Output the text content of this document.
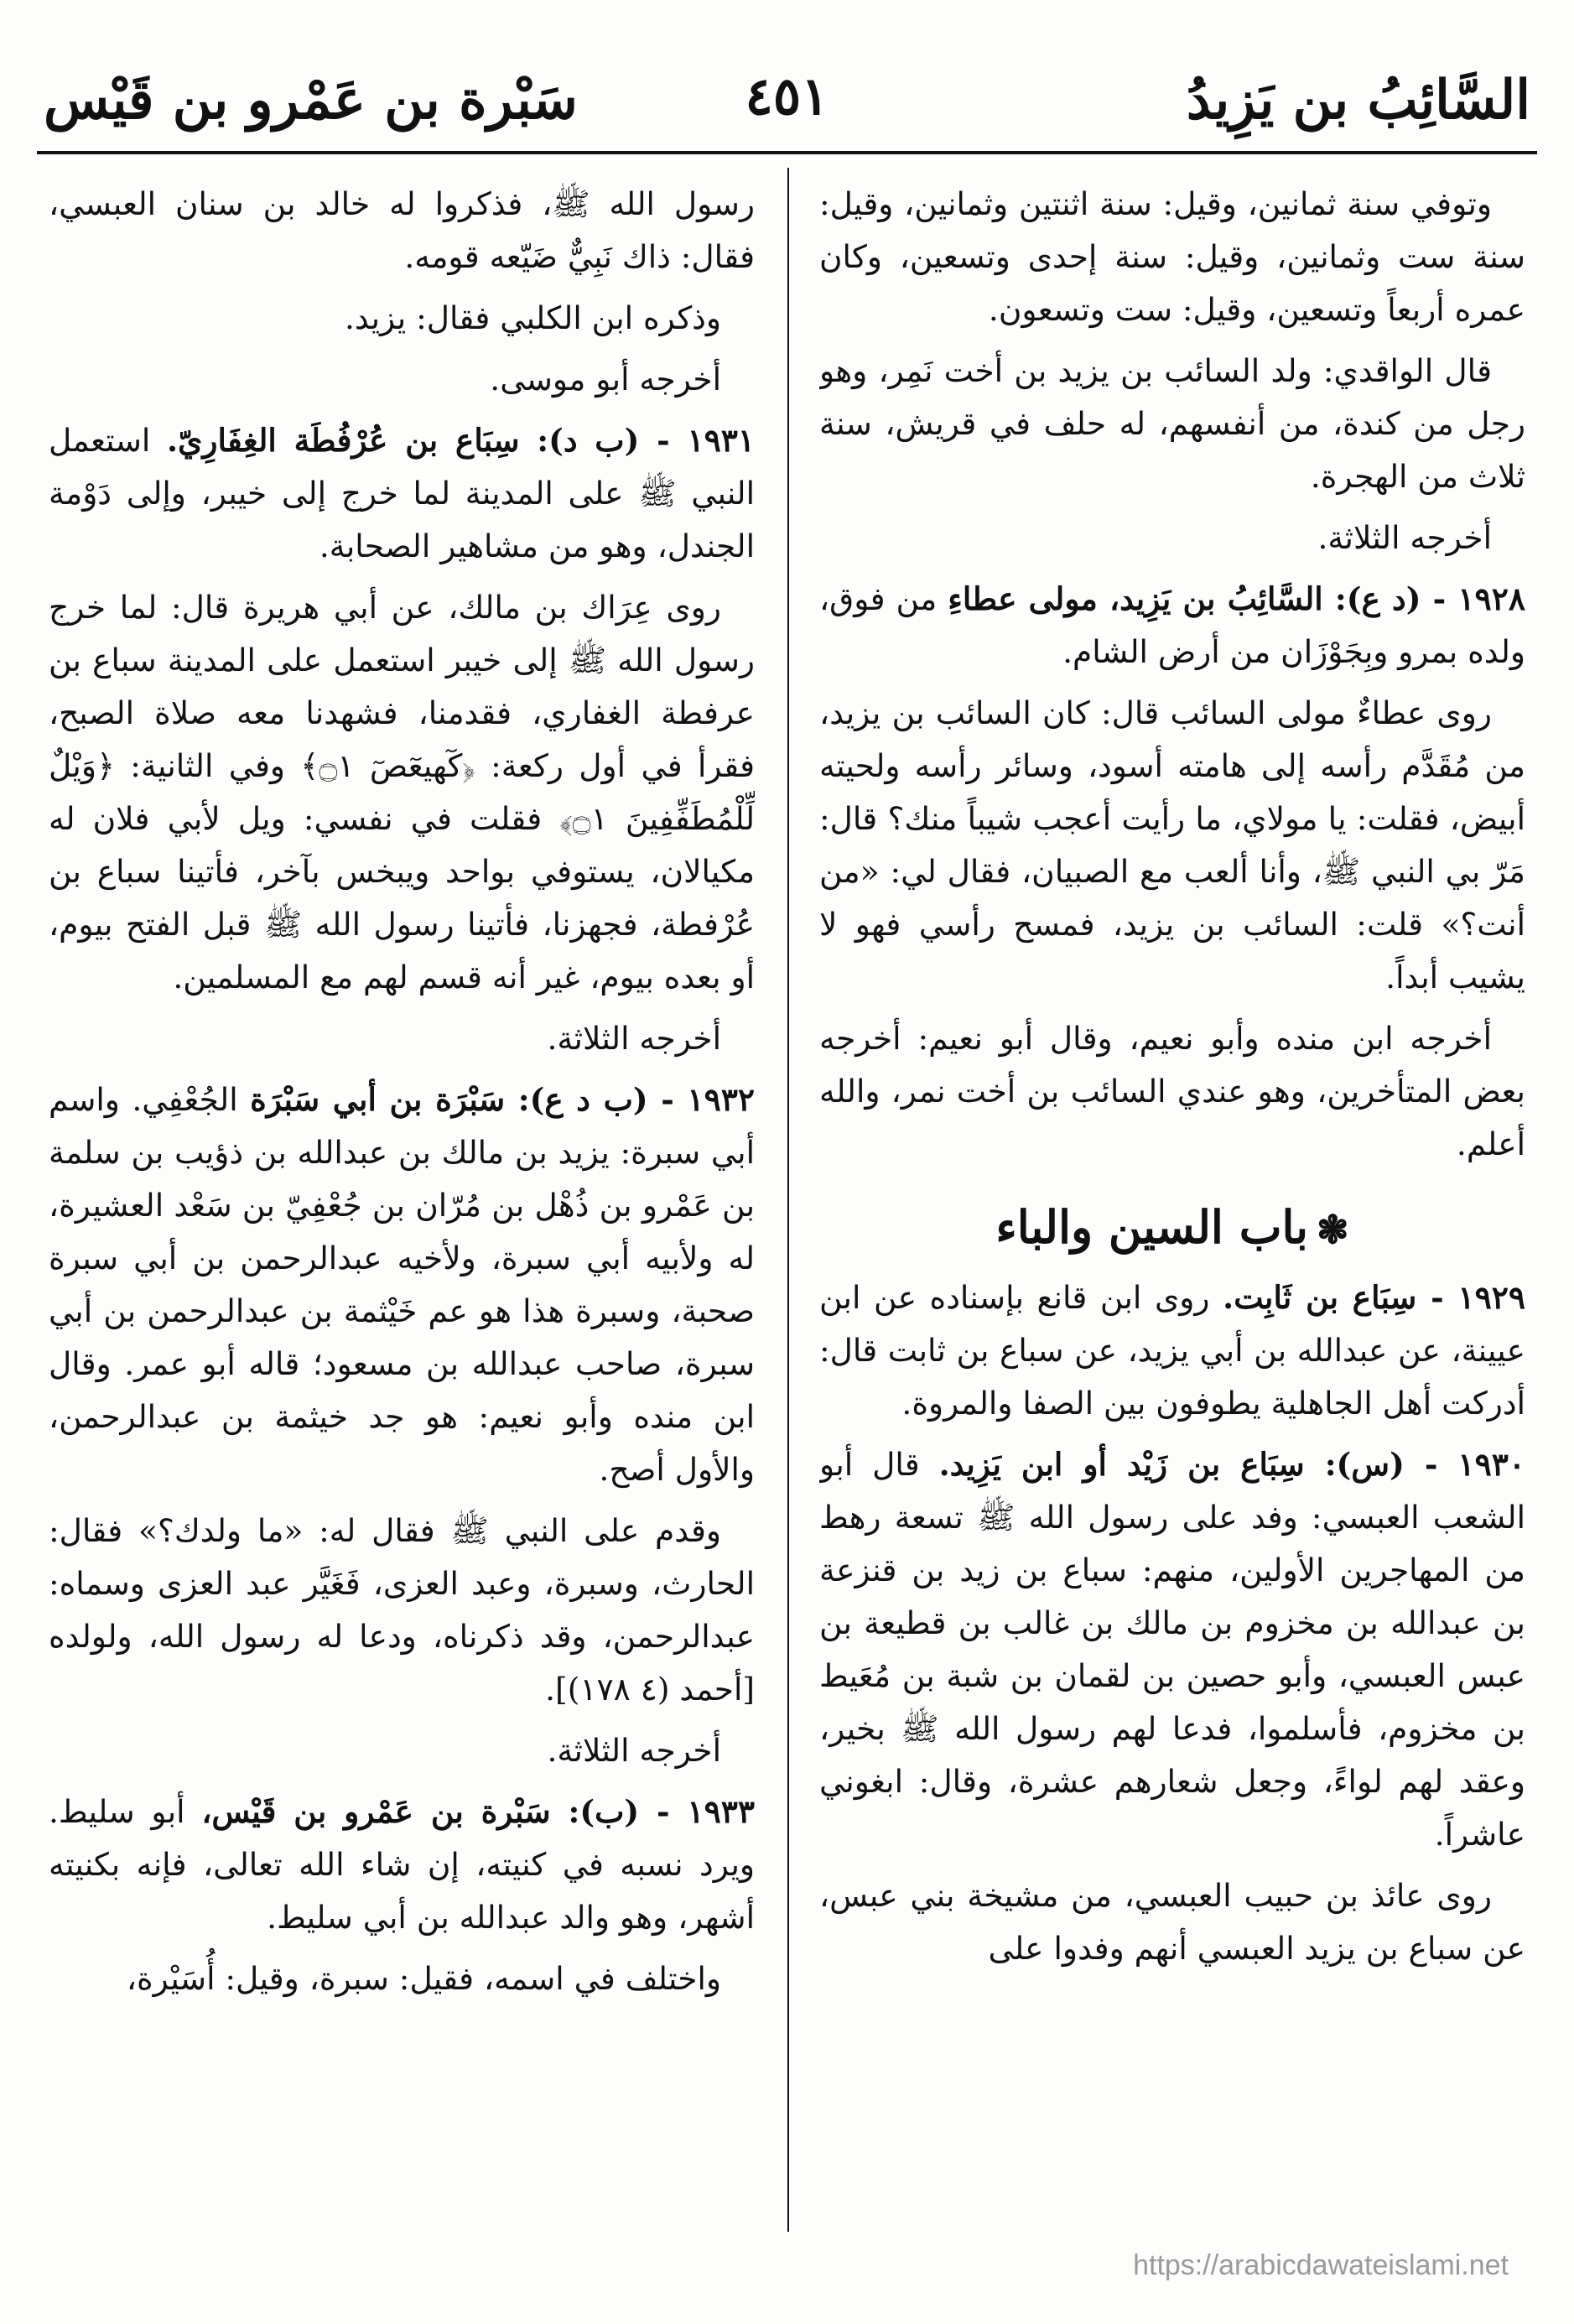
السَّائِبُ بن يَزِيدُ
٤٥١
سَبْرة بن عَمْرو بن قَيْس

وتوفي سنة ثمانين، وقيل: سنة اثنتين وثمانين، وقيل: سنة ست وثمانين، وقيل: سنة إحدى وتسعين، وكان عمره أربعاً وتسعين، وقيل: ست وتسعون.

قال الواقدي: ولد السائب بن يزيد بن أخت نَمِر، وهو رجل من كندة، من أنفسهم، له حلف في قريش، سنة ثلاث من الهجرة.

أخرجه الثلاثة.

١٩٢٨ - (د ع): السَّائِبُ بن يَزِيد، مولى عطاءِ من فوق، ولده بمرو وبِجَوْزَان من أرض الشام.

روى عطاءٌ مولى السائب قال: كان السائب بن يزيد، من مُقَدَّم رأسه إلى هامته أسود، وسائر رأسه ولحيته أبيض، فقلت: يا مولاي، ما رأيت أعجب شيباً منك؟ قال: مَرّ بي النبي ﷺ، وأنا ألعب مع الصبيان، فقال لي: «من أنت؟» قلت: السائب بن يزيد، فمسح رأسي فهو لا يشيب أبداً.

أخرجه ابن منده وأبو نعيم، وقال أبو نعيم: أخرجه بعض المتأخرين، وهو عندي السائب بن أخت نمر، والله أعلم.

❃باب السين والباء

١٩٢٩ - سِبَاع بن ثَابِت. روى ابن قانع بإسناده عن ابن عيينة، عن عبدالله بن أبي يزيد، عن سباع بن ثابت قال: أدركت أهل الجاهلية يطوفون بين الصفا والمروة.

١٩٣٠ - (س): سِبَاع بن زَيْد أو ابن يَزِيد. قال أبو الشعب العبسي: وفد على رسول الله ﷺ تسعة رهط من المهاجرين الأولين، منهم: سباع بن زيد بن قنزعة بن عبدالله بن مخزوم بن مالك بن غالب بن قطيعة بن عبس العبسي، وأبو حصين بن لقمان بن شبة بن مُعَيط بن مخزوم، فأسلموا، فدعا لهم رسول الله ﷺ بخير، وعقد لهم لواءً، وجعل شعارهم عشرة، وقال: ابغوني عاشراً.

روى عائذ بن حبيب العبسي، من مشيخة بني عبس، عن سباع بن يزيد العبسي أنهم وفدوا على

رسول الله ﷺ، فذكروا له خالد بن سنان العبسي، فقال: ذاك نَبِيٌّ ضَيّعه قومه.

وذكره ابن الكلبي فقال: يزيد.

أخرجه أبو موسى.

١٩٣١ - (ب د): سِبَاع بن عُرْفُطَة الغِفَارِيّ. استعمل النبي ﷺ على المدينة لما خرج إلى خيبر، وإلى دَوْمة الجندل، وهو من مشاهير الصحابة.

روى عِرَاك بن مالك، عن أبي هريرة قال: لما خرج رسول الله ﷺ إلى خيبر استعمل على المدينة سباع بن عرفطة الغفاري، فقدمنا، فشهدنا معه صلاة الصبح، فقرأ في أول ركعة: ﴿كٓهيعٓصٓ ۝١﴾ وفي الثانية: ﴿وَيْلٌ لِّلْمُطَفِّفِينَ ۝١﴾ فقلت في نفسي: ويل لأبي فلان له مكيالان، يستوفي بواحد ويبخس بآخر، فأتينا سباع بن عُرْفطة، فجهزنا، فأتينا رسول الله ﷺ قبل الفتح بيوم، أو بعده بيوم، غير أنه قسم لهم مع المسلمين.

أخرجه الثلاثة.

١٩٣٢ - (ب د ع): سَبْرَة بن أبي سَبْرَة الجُعْفِي. واسم أبي سبرة: يزيد بن مالك بن عبدالله بن ذؤيب بن سلمة بن عَمْرو بن ذُهْل بن مُرّان بن جُعْفِيّ بن سَعْد العشيرة، له ولأبيه أبي سبرة، ولأخيه عبدالرحمن بن أبي سبرة صحبة، وسبرة هذا هو عم خَيْثمة بن عبدالرحمن بن أبي سبرة، صاحب عبدالله بن مسعود؛ قاله أبو عمر. وقال ابن منده وأبو نعيم: هو جد خيثمة بن عبدالرحمن، والأول أصح.

وقدم على النبي ﷺ فقال له: «ما ولدك؟» فقال: الحارث، وسبرة، وعبد العزى، فَغَيَّر عبد العزى وسماه: عبدالرحمن، وقد ذكرناه، ودعا له رسول الله، ولولده [أحمد (٤ ١٧٨)].

أخرجه الثلاثة.

١٩٣٣ - (ب): سَبْرة بن عَمْرو بن قَيْس، أبو سليط. ويرد نسبه في كنيته، إن شاء الله تعالى، فإنه بكنيته أشهر، وهو والد عبدالله بن أبي سليط.

واختلف في اسمه، فقيل: سبرة، وقيل: أُسَيْرة،

https://arabicdawateislami.net
